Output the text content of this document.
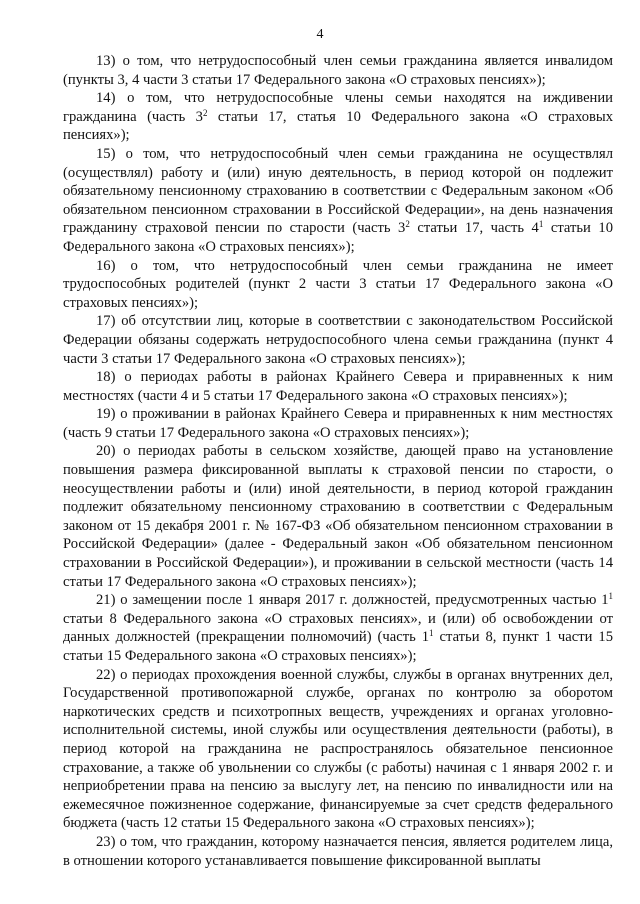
4

13) о том, что нетрудоспособный член семьи гражданина является инвалидом (пункты 3, 4 части 3 статьи 17 Федерального закона «О страховых пенсиях»);

14) о том, что нетрудоспособные члены семьи находятся на иждивении гражданина (часть $3^2$ статьи 17, статья 10 Федерального закона «О страховых пенсиях»);

15) о том, что нетрудоспособный член семьи гражданина не осуществлял (осуществлял) работу и (или) иную деятельность, в период которой он подлежит обязательному пенсионному страхованию в соответствии с Федеральным законом «Об обязательном пенсионном страховании в Российской Федерации», на день назначения гражданину страховой пенсии по старости (часть $3^2$ статьи 17, часть $4^1$ статьи 10 Федерального закона «О страховых пенсиях»);

16) о том, что нетрудоспособный член семьи гражданина не имеет трудоспособных родителей (пункт 2 части 3 статьи 17 Федерального закона «О страховых пенсиях»);

17) об отсутствии лиц, которые в соответствии с законодательством Российской Федерации обязаны содержать нетрудоспособного члена семьи гражданина (пункт 4 части 3 статьи 17 Федерального закона «О страховых пенсиях»);

18) о периодах работы в районах Крайнего Севера и приравненных к ним местностях (части 4 и 5 статьи 17 Федерального закона «О страховых пенсиях»);

19) о проживании в районах Крайнего Севера и приравненных к ним местностях (часть 9 статьи 17 Федерального закона «О страховых пенсиях»);

20) о периодах работы в сельском хозяйстве, дающей право на установление повышения размера фиксированной выплаты к страховой пенсии по старости, о неосуществлении работы и (или) иной деятельности, в период которой гражданин подлежит обязательному пенсионному страхованию в соответствии с Федеральным законом от 15 декабря 2001 г. № 167-ФЗ «Об обязательном пенсионном страховании в Российской Федерации» (далее - Федеральный закон «Об обязательном пенсионном страховании в Российской Федерации»), и проживании в сельской местности (часть 14 статьи 17 Федерального закона «О страховых пенсиях»);

21) о замещении после 1 января 2017 г. должностей, предусмотренных частью $1^1$ статьи 8 Федерального закона «О страховых пенсиях», и (или) об освобождении от данных должностей (прекращении полномочий) (часть $1^1$ статьи 8, пункт 1 части 15 статьи 15 Федерального закона «О страховых пенсиях»);

22) о периодах прохождения военной службы, службы в органах внутренних дел, Государственной противопожарной службе, органах по контролю за оборотом наркотических средств и психотропных веществ, учреждениях и органах уголовно-исполнительной системы, иной службы или осуществления деятельности (работы), в период которой на гражданина не распространялось обязательное пенсионное страхование, а также об увольнении со службы (с работы) начиная с 1 января 2002 г. и неприобретении права на пенсию за выслугу лет, на пенсию по инвалидности или на ежемесячное пожизненное содержание, финансируемые за счет средств федерального бюджета (часть 12 статьи 15 Федерального закона «О страховых пенсиях»);

23) о том, что гражданин, которому назначается пенсия, является родителем лица, в отношении которого устанавливается повышение фиксированной выплаты
